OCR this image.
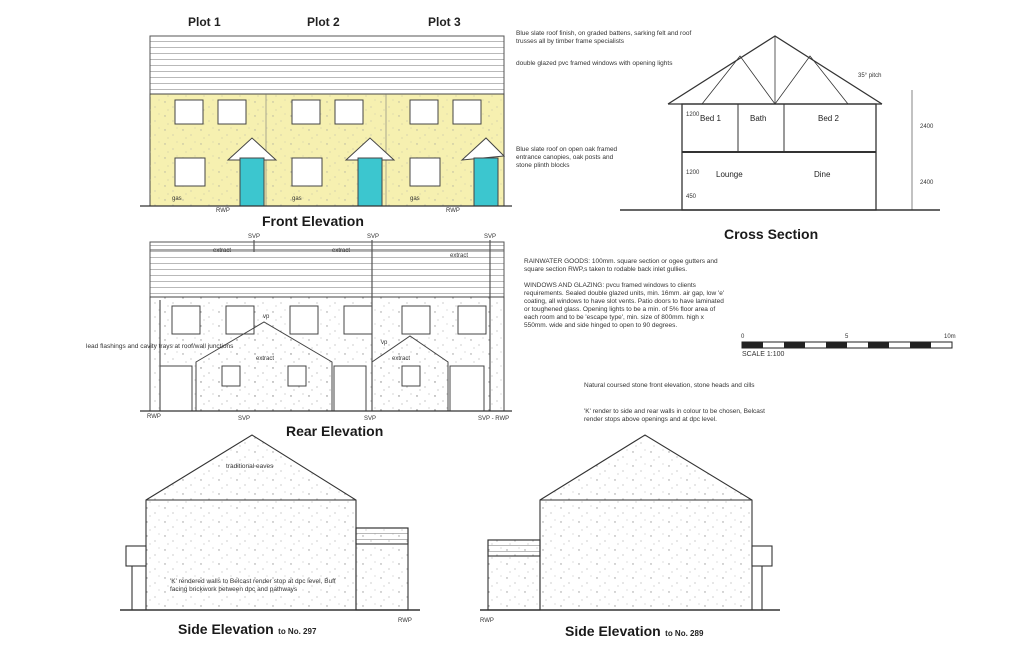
Plot 1	Plot 2	Plot 3
Front Elevation
Rear Elevation
Cross Section
Side Elevation to No. 297	Side Elevation to No. 289
Blue slate roof finish, on graded battens, sarking felt and roof trusses all by timber frame specialists
double glazed pvc framed windows with opening lights
Blue slate roof on open oak framed entrance canopies, oak posts and stone plinth blocks
RAINWATER GOODS: 100mm. square section or ogee gutters and square section RWP,s taken to rodable back inlet gullies.
WINDOWS AND GLAZING: pvcu framed windows to clients requirements. Sealed double glazed units, min. 16mm. air gap, low 'e' coating, all windows to have slot vents. Patio doors to have laminated or toughened glass. Opening lights to be a min. of 5% floor area of each room and to be 'escape type', min. size of 800mm. high x 550mm. wide and side hinged to open to 90 degrees.
Natural coursed stone front elevation, stone heads and cills
'K' render to side and rear walls in colour to be chosen, Belcast render stops above openings and at dpc level.
lead flashings and cavity trays at roof/wall junctions
traditional eaves
'K' rendered walls to Belcast render stop at dpc level, Buff facing brickwork between dpc and pathways
Bed 1	Bath	Bed 2
Lounge	Dine
35° pitch
2400
2400
1200
1200
450
0	5	10m
SCALE 1:100
gas	gas	gas
RWP	RWP
SVP	SVP	SVP
extract	extract
extract
extract	extract
vp
vp
RWP	SVP	SVP	SVP - RWP
RWP	RWP
